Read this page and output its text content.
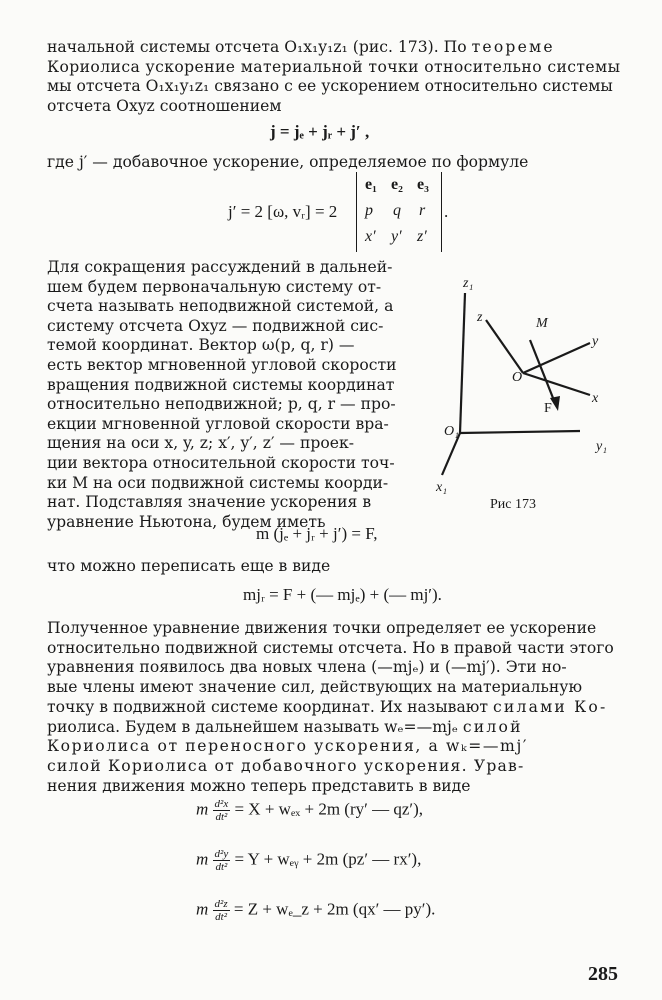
начальной системы отсчета O₁x₁y₁z₁ (рис. 173). По теореме
Кориолиса ускорение материальной точки относительно системы
мы отсчета O₁x₁y₁z₁ связано с ее ускорением относительно системы
отсчета Oxyz соотношением
j = jₑ + jᵣ + j′ ,
где j′ — добавочное ускорение, определяемое по формуле
j′ = 2 [ω, vᵣ] = 2
e₁ e₂ e₃
p q r
x′ y′ z′
.
Для сокращения рассуждений в дальней-
шем будем первоначальную систему от-
счета называть неподвижной системой, а
систему отсчета Oxyz — подвижной сис-
темой координат. Вектор ω(p, q, r) —
есть вектор мгновенной угловой скорости
вращения подвижной системы координат
относительно неподвижной; p, q, r — про-
екции мгновенной угловой скорости вра-
щения на оси x, y, z; x′, y′, z′ — проек-
ции вектора относительной скорости точ-
ки M на оси подвижной системы коорди-
нат. Подставляя значение ускорения в
уравнение Ньютона, будем иметь
z₁
z	M
y
O
x
F
O₁
y₁
x₁
Рис 173
m (jₑ + jᵣ + j′) = F,
что можно переписать еще в виде
mjᵣ = F + (— mjₑ) + (— mj′).
Полученное уравнение движения точки определяет ее ускорение
относительно подвижной системы отсчета. Но в правой части этого
уравнения появилось два новых члена (—mjₑ) и (—mj′). Эти но-
вые члены имеют значение сил, действующих на материальную
точку в подвижной системе координат. Их называют силами Ко-
риолиса. Будем в дальнейшем называть wₑ=—mjₑ силой
Кориолиса от переносного ускорения, а wₖ=—mj′
силой Кориолиса от добавочного ускорения. Урав-
нения движения можно теперь представить в виде
m $\frac{\text{d²x}}{\text{dt²}} = X + w_{ex} + 2m$ (ry′ — qz′),
m $\frac{\text{d²y}}{\text{dt²}} = Y$ + wₑᵧ + 2m (pz′ — rx′),
m $\frac{\text{d²z}}{\text{dt²}} = Z$ + wₑ_z + 2m (qx′ — py′).
285
